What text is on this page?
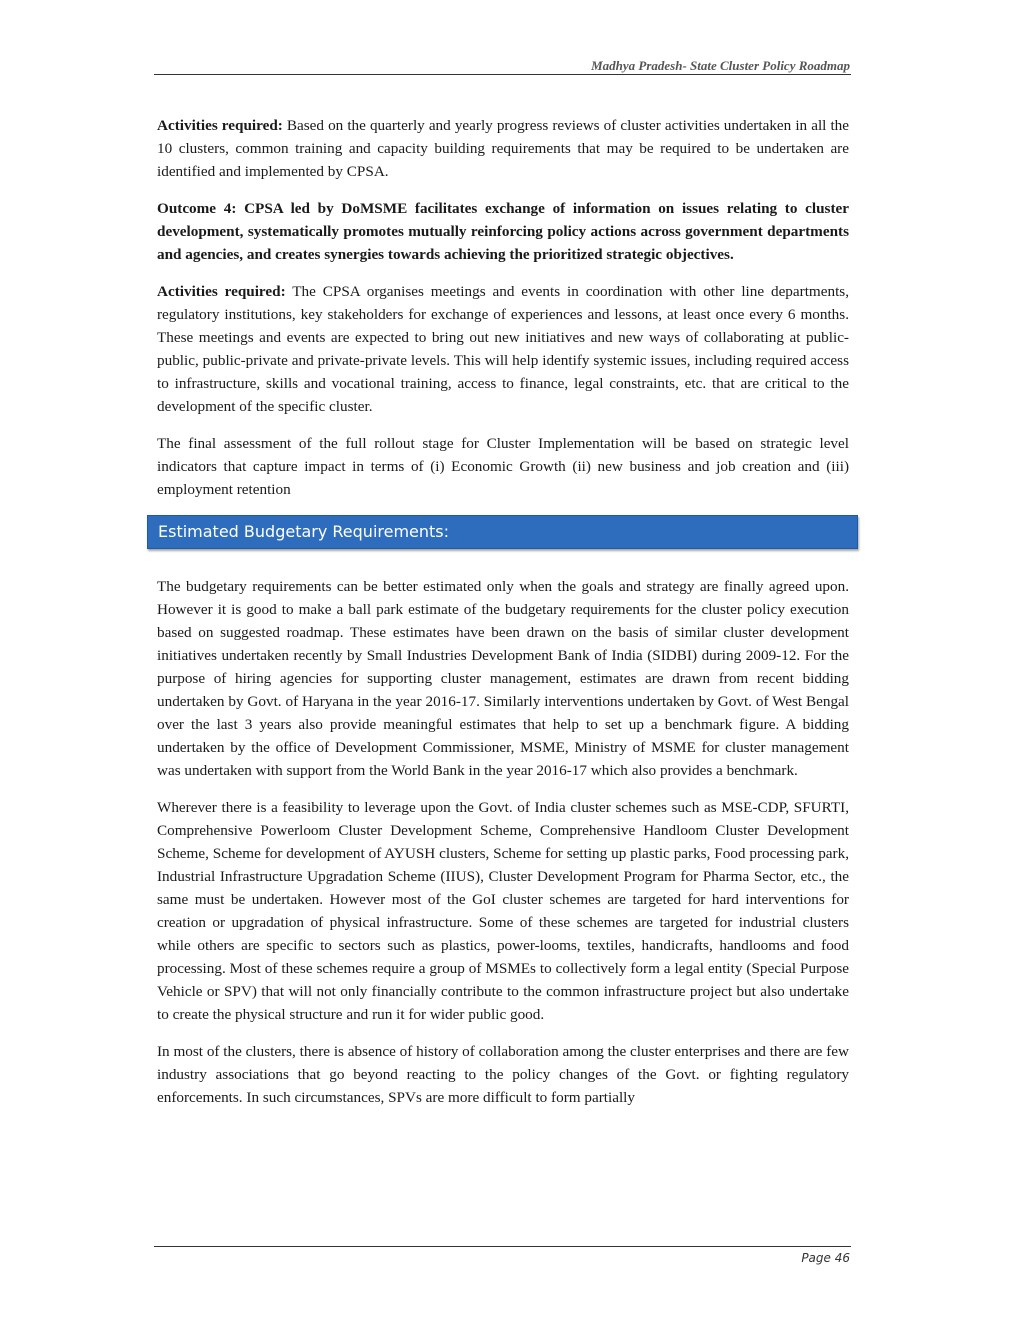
Madhya Pradesh- State Cluster Policy Roadmap

Activities required: Based on the quarterly and yearly progress reviews of cluster activities undertaken in all the 10 clusters, common training and capacity building requirements that may be required to be undertaken are identified and implemented by CPSA.

Outcome 4: CPSA led by DoMSME facilitates exchange of information on issues relating to cluster development, systematically promotes mutually reinforcing policy actions across government departments and agencies, and creates synergies towards achieving the prioritized strategic objectives.

Activities required: The CPSA organises meetings and events in coordination with other line departments, regulatory institutions, key stakeholders for exchange of experiences and lessons, at least once every 6 months. These meetings and events are expected to bring out new initiatives and new ways of collaborating at public-public, public-private and private-private levels. This will help identify systemic issues, including required access to infrastructure, skills and vocational training, access to finance, legal constraints, etc. that are critical to the development of the specific cluster.

The final assessment of the full rollout stage for Cluster Implementation will be based on strategic level indicators that capture impact in terms of (i) Economic Growth (ii) new business and job creation and (iii) employment retention

Estimated Budgetary Requirements:

The budgetary requirements can be better estimated only when the goals and strategy are finally agreed upon. However it is good to make a ball park estimate of the budgetary requirements for the cluster policy execution based on suggested roadmap. These estimates have been drawn on the basis of similar cluster development initiatives undertaken recently by Small Industries Development Bank of India (SIDBI) during 2009-12. For the purpose of hiring agencies for supporting cluster management, estimates are drawn from recent bidding undertaken by Govt. of Haryana in the year 2016-17. Similarly interventions undertaken by Govt. of West Bengal over the last 3 years also provide meaningful estimates that help to set up a benchmark figure. A bidding undertaken by the office of Development Commissioner, MSME, Ministry of MSME for cluster management was undertaken with support from the World Bank in the year 2016-17 which also provides a benchmark.

Wherever there is a feasibility to leverage upon the Govt. of India cluster schemes such as MSE-CDP, SFURTI, Comprehensive Powerloom Cluster Development Scheme, Comprehensive Handloom Cluster Development Scheme, Scheme for development of AYUSH clusters, Scheme for setting up plastic parks, Food processing park, Industrial Infrastructure Upgradation Scheme (IIUS), Cluster Development Program for Pharma Sector, etc., the same must be undertaken. However most of the GoI cluster schemes are targeted for hard interventions for creation or upgradation of physical infrastructure. Some of these schemes are targeted for industrial clusters while others are specific to sectors such as plastics, power-looms, textiles, handicrafts, handlooms and food processing. Most of these schemes require a group of MSMEs to collectively form a legal entity (Special Purpose Vehicle or SPV) that will not only financially contribute to the common infrastructure project but also undertake to create the physical structure and run it for wider public good.

In most of the clusters, there is absence of history of collaboration among the cluster enterprises and there are few industry associations that go beyond reacting to the policy changes of the Govt. or fighting regulatory enforcements. In such circumstances, SPVs are more difficult to form partially

Page 46
